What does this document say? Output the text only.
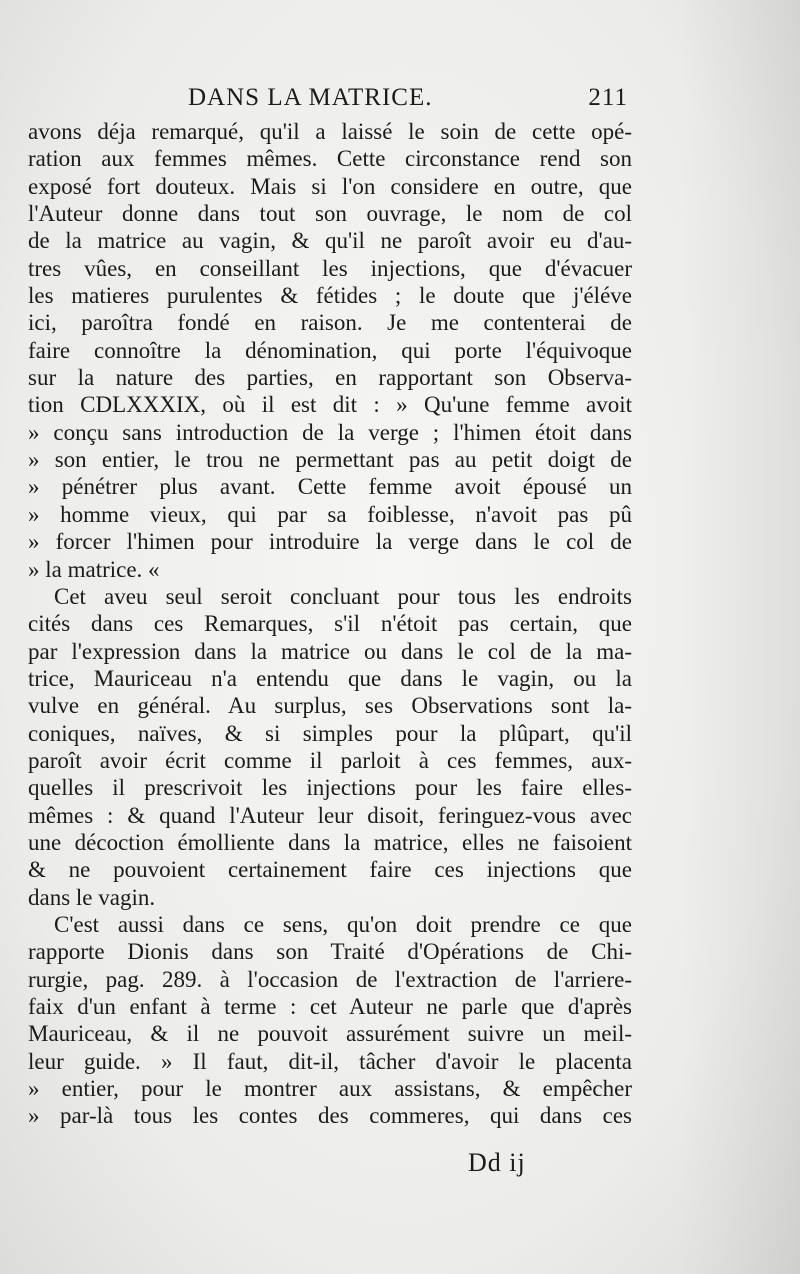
DANS LA MATRICE.	211
avons déja remarqué, qu'il a laissé le soin de cette opé-
ration aux femmes mêmes. Cette circonstance rend son
exposé fort douteux. Mais si l'on considere en outre, que
l'Auteur donne dans tout son ouvrage, le nom de col
de la matrice au vagin, & qu'il ne paroît avoir eu d'au-
tres vûes, en conseillant les injections, que d'évacuer
les matieres purulentes & fétides ; le doute que j'éléve
ici, paroîtra fondé en raison. Je me contenterai de
faire connoître la dénomination, qui porte l'équivoque
sur la nature des parties, en rapportant son Observa-
tion CDLXXXIX, où il est dit : » Qu'une femme avoit
» conçu sans introduction de la verge ; l'himen étoit dans
» son entier, le trou ne permettant pas au petit doigt de
» pénétrer plus avant. Cette femme avoit épousé un
» homme vieux, qui par sa foiblesse, n'avoit pas pû
» forcer l'himen pour introduire la verge dans le col de
» la matrice. «
Cet aveu seul seroit concluant pour tous les endroits
cités dans ces Remarques, s'il n'étoit pas certain, que
par l'expression dans la matrice ou dans le col de la ma-
trice, Mauriceau n'a entendu que dans le vagin, ou la
vulve en général. Au surplus, ses Observations sont la-
coniques, naïves, & si simples pour la plûpart, qu'il
paroît avoir écrit comme il parloit à ces femmes, aux-
quelles il prescrivoit les injections pour les faire elles-
mêmes : & quand l'Auteur leur disoit, feringuez-vous avec
une décoction émolliente dans la matrice, elles ne faisoient
& ne pouvoient certainement faire ces injections que
dans le vagin.
C'est aussi dans ce sens, qu'on doit prendre ce que
rapporte Dionis dans son Traité d'Opérations de Chi-
rurgie, pag. 289. à l'occasion de l'extraction de l'arriere-
faix d'un enfant à terme : cet Auteur ne parle que d'après
Mauriceau, & il ne pouvoit assurément suivre un meil-
leur guide. » Il faut, dit-il, tâcher d'avoir le placenta
» entier, pour le montrer aux assistans, & empêcher
» par-là tous les contes des commeres, qui dans ces
Dd ij
